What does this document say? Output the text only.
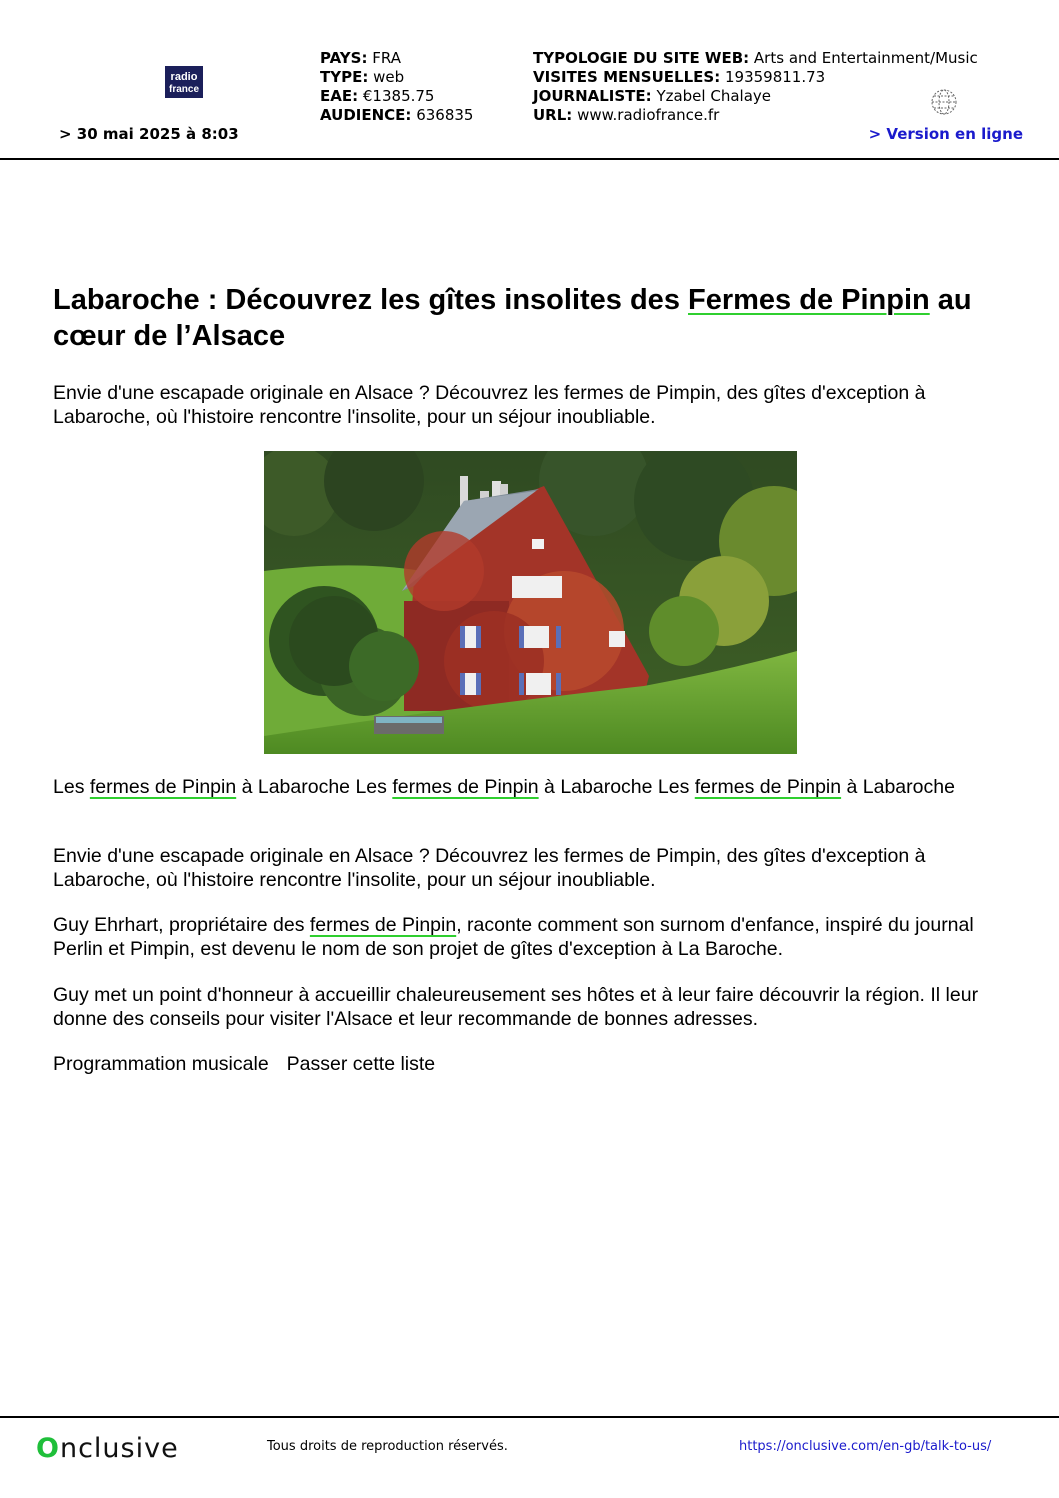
radio
france
PAYS: FRA
TYPE: web
EAE: €1385.75
AUDIENCE: 636835
TYPOLOGIE DU SITE WEB: Arts and Entertainment/Music
VISITES MENSUELLES: 19359811.73
JOURNALISTE: Yzabel Chalaye
URL: www.radiofrance.fr
> 30 mai 2025 à 8:03	> Version en ligne
Labaroche : Découvrez les gîtes insolites des Fermes de Pinpin au cœur de l’Alsace

Envie d'une escapade originale en Alsace ? Découvrez les fermes de Pimpin, des gîtes d'exception à Labaroche, où l'histoire rencontre l'insolite, pour un séjour inoubliable.

Les fermes de Pinpin à Labaroche Les fermes de Pinpin à Labaroche Les fermes de Pinpin à Labaroche

Envie d'une escapade originale en Alsace ? Découvrez les fermes de Pimpin, des gîtes d'exception à Labaroche, où l'histoire rencontre l'insolite, pour un séjour inoubliable.

Guy Ehrhart, propriétaire des fermes de Pinpin, raconte comment son surnom d'enfance, inspiré du journal Perlin et Pimpin, est devenu le nom de son projet de gîtes d'exception à La Baroche.

Guy met un point d'honneur à accueillir chaleureusement ses hôtes et à leur faire découvrir la région. Il leur donne des conseils pour visiter l'Alsace et leur recommande de bonnes adresses.

Programmation musicale Passer cette liste

Onclusive	Tous droits de reproduction réservés.	https://onclusive.com/en-gb/talk-to-us/
